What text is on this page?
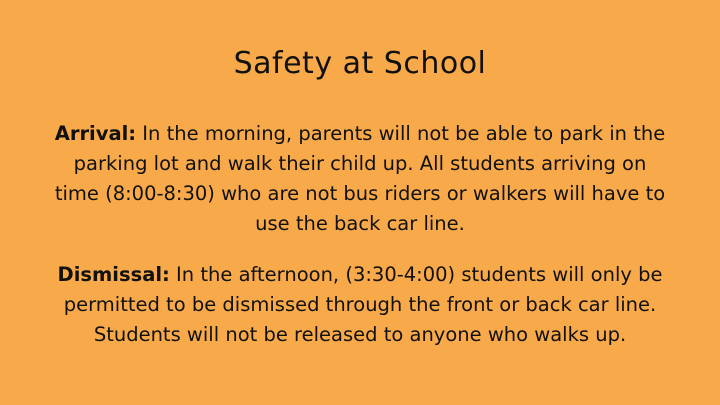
Safety at School

Arrival: In the morning, parents will not be able to park in the parking lot and walk their child up. All students arriving on time (8:00-8:30) who are not bus riders or walkers will have to use the back car line.

Dismissal: In the afternoon, (3:30-4:00) students will only be permitted to be dismissed through the front or back car line. Students will not be released to anyone who walks up.
